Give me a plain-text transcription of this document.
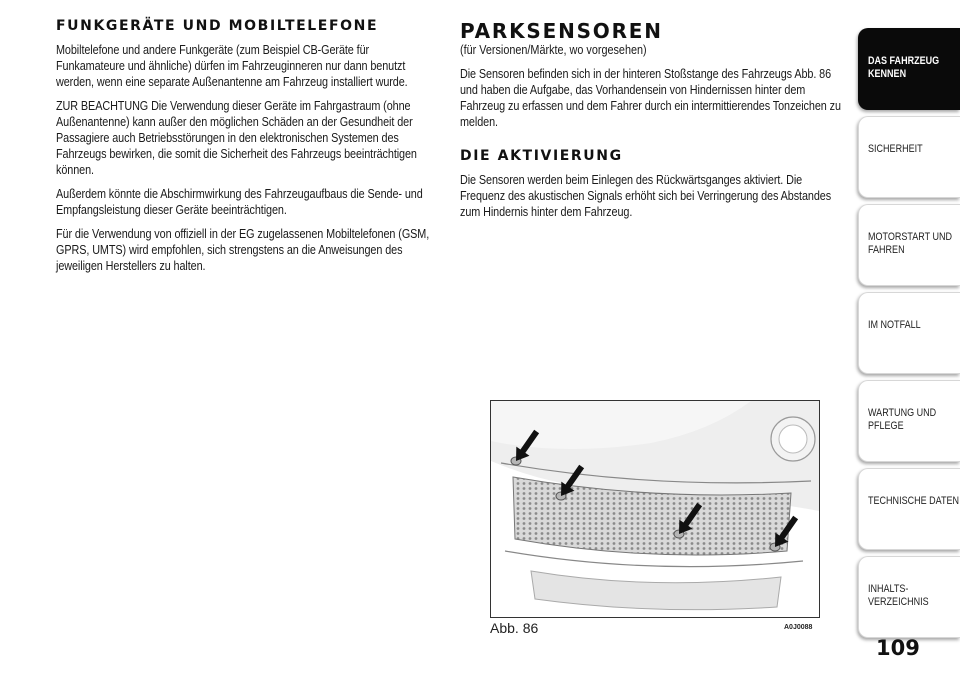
FUNKGERÄTE UND MOBILTELEFONE

Mobiltelefone und andere Funkgeräte (zum Beispiel CB-Geräte für Funkamateure und ähnliche) dürfen im Fahrzeuginneren nur dann benutzt werden, wenn eine separate Außenantenne am Fahrzeug installiert wurde.

ZUR BEACHTUNG Die Verwendung dieser Geräte im Fahrgastraum (ohne Außenantenne) kann außer den möglichen Schäden an der Gesundheit der Passagiere auch Betriebsstörungen in den elektronischen Systemen des Fahrzeugs bewirken, die somit die Sicherheit des Fahrzeugs beeinträchtigen können.

Außerdem könnte die Abschirmwirkung des Fahrzeugaufbaus die Sende- und Empfangsleistung dieser Geräte beeinträchtigen.

Für die Verwendung von offiziell in der EG zugelassenen Mobiltelefonen (GSM, GPRS, UMTS) wird empfohlen, sich strengstens an die Anweisungen des jeweiligen Herstellers zu halten.

PARKSENSOREN

(für Versionen/Märkte, wo vorgesehen)

Die Sensoren befinden sich in der hinteren Stoßstange des Fahrzeugs Abb. 86 und haben die Aufgabe, das Vorhandensein von Hindernissen hinter dem Fahrzeug zu erfassen und dem Fahrer durch ein intermittierendes Tonzeichen zu melden.

DIE AKTIVIERUNG

Die Sensoren werden beim Einlegen des Rückwärtsganges aktiviert. Die Frequenz des akustischen Signals erhöht sich bei Verringerung des Abstandes zum Hindernis hinter dem Fahrzeug.

Abb. 86	A0J0088
DAS FAHRZEUG KENNEN
SICHERHEIT
MOTORSTART UND FAHREN
IM NOTFALL
WARTUNG UND PFLEGE
TECHNISCHE DATEN
INHALTS-VERZEICHNIS
109
